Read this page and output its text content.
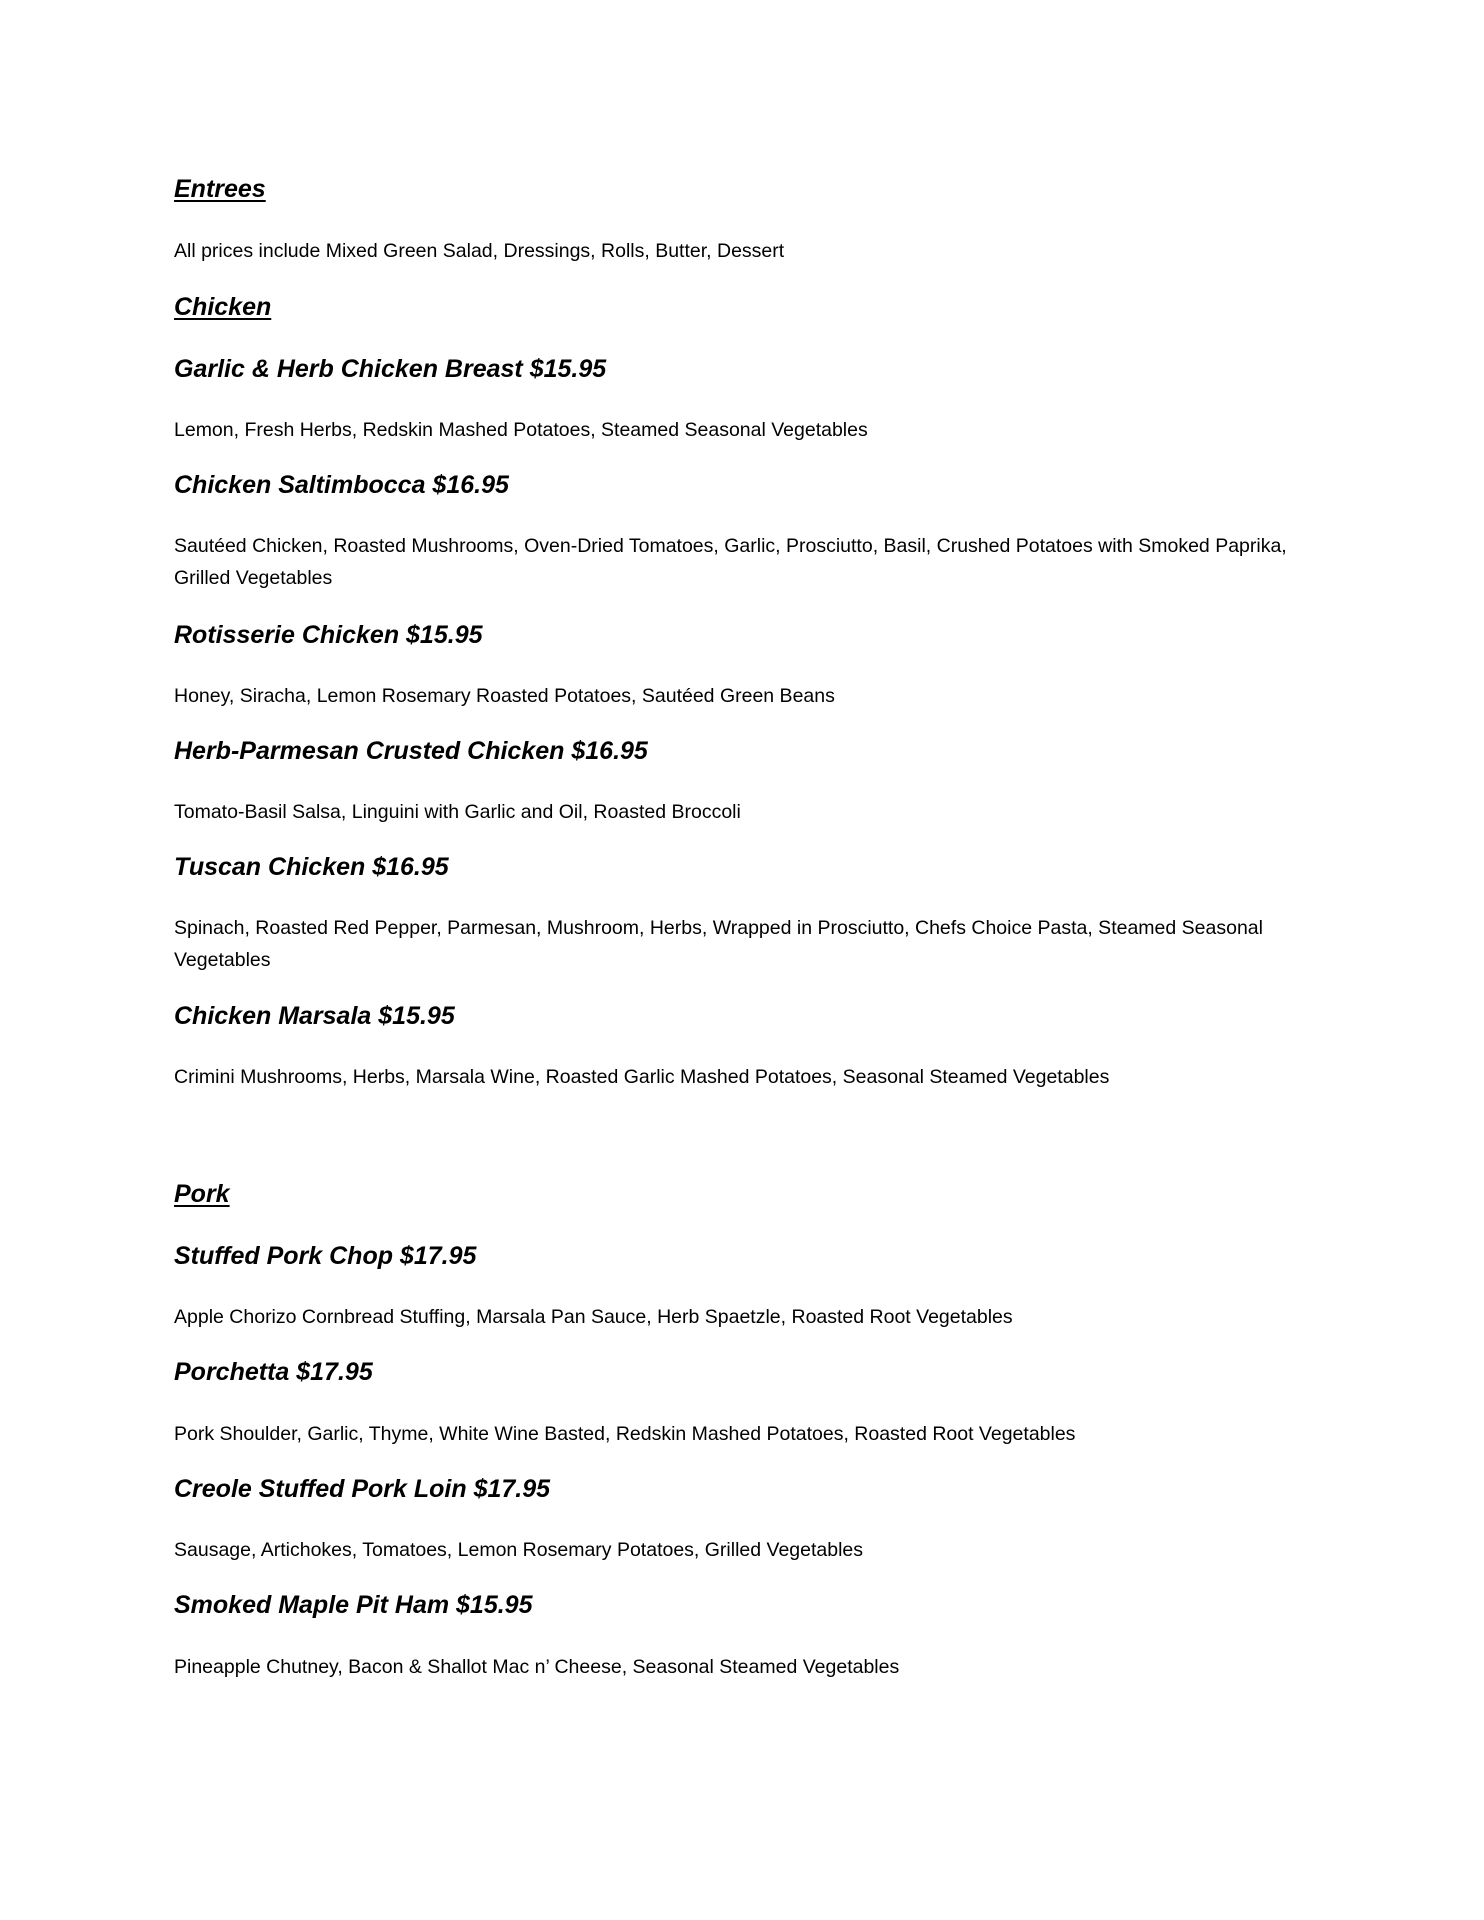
Entrees
All prices include Mixed Green Salad, Dressings, Rolls, Butter, Dessert
Chicken
Garlic & Herb Chicken Breast $15.95
Lemon, Fresh Herbs, Redskin Mashed Potatoes, Steamed Seasonal Vegetables
Chicken Saltimbocca $16.95
Sautéed Chicken, Roasted Mushrooms, Oven-Dried Tomatoes, Garlic, Prosciutto, Basil, Crushed Potatoes with Smoked Paprika, Grilled Vegetables
Rotisserie Chicken $15.95
Honey, Siracha, Lemon Rosemary Roasted Potatoes, Sautéed Green Beans
Herb-Parmesan Crusted Chicken $16.95
Tomato-Basil Salsa, Linguini with Garlic and Oil, Roasted Broccoli
Tuscan Chicken $16.95
Spinach, Roasted Red Pepper, Parmesan, Mushroom, Herbs, Wrapped in Prosciutto, Chefs Choice Pasta, Steamed Seasonal Vegetables
Chicken Marsala $15.95
Crimini Mushrooms, Herbs, Marsala Wine, Roasted Garlic Mashed Potatoes, Seasonal Steamed Vegetables
Pork
Stuffed Pork Chop $17.95
Apple Chorizo Cornbread Stuffing, Marsala Pan Sauce, Herb Spaetzle, Roasted Root Vegetables
Porchetta $17.95
Pork Shoulder, Garlic, Thyme, White Wine Basted, Redskin Mashed Potatoes, Roasted Root Vegetables
Creole Stuffed Pork Loin $17.95
Sausage, Artichokes, Tomatoes, Lemon Rosemary Potatoes, Grilled Vegetables
Smoked Maple Pit Ham $15.95
Pineapple Chutney, Bacon & Shallot Mac n’ Cheese, Seasonal Steamed Vegetables
